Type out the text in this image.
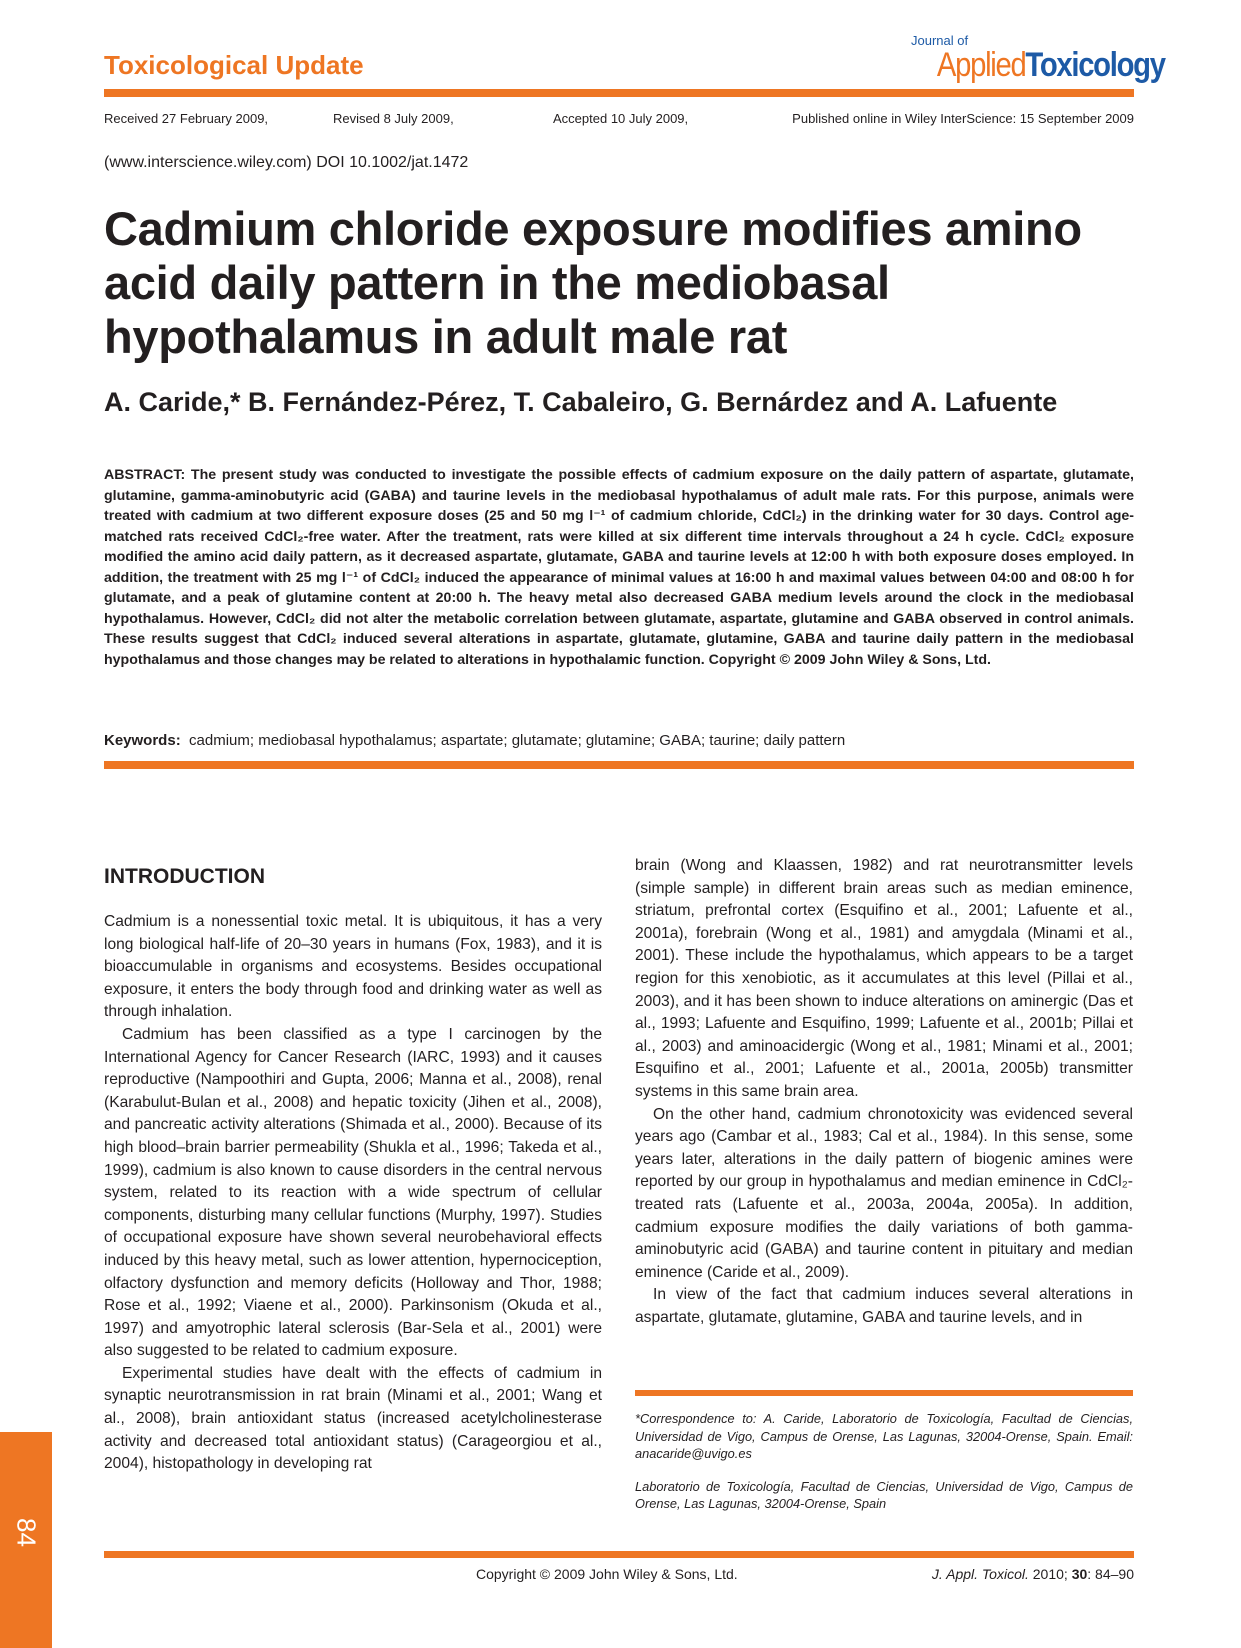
Toxicological Update
Journal of
AppliedToxicology
Received 27 February 2009,	Revised 8 July 2009,	Accepted 10 July 2009,	Published online in Wiley InterScience: 15 September 2009
(www.interscience.wiley.com) DOI 10.1002/jat.1472
Cadmium chloride exposure modifies amino acid daily pattern in the mediobasal hypothalamus in adult male rat
A. Caride,* B. Fernández-Pérez, T. Cabaleiro, G. Bernárdez and A. Lafuente

ABSTRACT: The present study was conducted to investigate the possible effects of cadmium exposure on the daily pattern of aspartate, glutamate, glutamine, gamma-aminobutyric acid (GABA) and taurine levels in the mediobasal hypothalamus of adult male rats. For this purpose, animals were treated with cadmium at two different exposure doses (25 and 50 mg l⁻¹ of cadmium chloride, CdCl₂) in the drinking water for 30 days. Control age-matched rats received CdCl₂-free water. After the treatment, rats were killed at six different time intervals throughout a 24 h cycle. CdCl₂ exposure modified the amino acid daily pattern, as it decreased aspartate, glutamate, GABA and taurine levels at 12:00 h with both exposure doses employed. In addition, the treatment with 25 mg l⁻¹ of CdCl₂ induced the appearance of minimal values at 16:00 h and maximal values between 04:00 and 08:00 h for glutamate, and a peak of glutamine content at 20:00 h. The heavy metal also decreased GABA medium levels around the clock in the mediobasal hypothalamus. However, CdCl₂ did not alter the metabolic correlation between glutamate, aspartate, glutamine and GABA observed in control animals. These results suggest that CdCl₂ induced several alterations in aspartate, glutamate, glutamine, GABA and taurine daily pattern in the mediobasal hypothalamus and those changes may be related to alterations in hypothalamic function. Copyright © 2009 John Wiley & Sons, Ltd.

Keywords: cadmium; mediobasal hypothalamus; aspartate; glutamate; glutamine; GABA; taurine; daily pattern
INTRODUCTION

Cadmium is a nonessential toxic metal. It is ubiquitous, it has a very long biological half-life of 20–30 years in humans (Fox, 1983), and it is bioaccumulable in organisms and ecosystems. Besides occupational exposure, it enters the body through food and drinking water as well as through inhalation.

Cadmium has been classified as a type I carcinogen by the International Agency for Cancer Research (IARC, 1993) and it causes reproductive (Nampoothiri and Gupta, 2006; Manna et al., 2008), renal (Karabulut-Bulan et al., 2008) and hepatic toxicity (Jihen et al., 2008), and pancreatic activity alterations (Shimada et al., 2000). Because of its high blood–brain barrier permeability (Shukla et al., 1996; Takeda et al., 1999), cadmium is also known to cause disorders in the central nervous system, related to its reaction with a wide spectrum of cellular components, disturbing many cellular functions (Murphy, 1997). Studies of occupational exposure have shown several neurobehavioral effects induced by this heavy metal, such as lower attention, hypernociception, olfactory dysfunction and memory deficits (Holloway and Thor, 1988; Rose et al., 1992; Viaene et al., 2000). Parkinsonism (Okuda et al., 1997) and amyotrophic lateral sclerosis (Bar-Sela et al., 2001) were also suggested to be related to cadmium exposure.

Experimental studies have dealt with the effects of cadmium in synaptic neurotransmission in rat brain (Minami et al., 2001; Wang et al., 2008), brain antioxidant status (increased acetylcholinesterase activity and decreased total antioxidant status) (Carageorgiou et al., 2004), histopathology in developing rat

brain (Wong and Klaassen, 1982) and rat neurotransmitter levels (simple sample) in different brain areas such as median eminence, striatum, prefrontal cortex (Esquifino et al., 2001; Lafuente et al., 2001a), forebrain (Wong et al., 1981) and amygdala (Minami et al., 2001). These include the hypothalamus, which appears to be a target region for this xenobiotic, as it accumulates at this level (Pillai et al., 2003), and it has been shown to induce alterations on aminergic (Das et al., 1993; Lafuente and Esquifino, 1999; Lafuente et al., 2001b; Pillai et al., 2003) and aminoacidergic (Wong et al., 1981; Minami et al., 2001; Esquifino et al., 2001; Lafuente et al., 2001a, 2005b) transmitter systems in this same brain area.

On the other hand, cadmium chronotoxicity was evidenced several years ago (Cambar et al., 1983; Cal et al., 1984). In this sense, some years later, alterations in the daily pattern of biogenic amines were reported by our group in hypothalamus and median eminence in CdCl₂-treated rats (Lafuente et al., 2003a, 2004a, 2005a). In addition, cadmium exposure modifies the daily variations of both gamma-aminobutyric acid (GABA) and taurine content in pituitary and median eminence (Caride et al., 2009).

In view of the fact that cadmium induces several alterations in aspartate, glutamate, glutamine, GABA and taurine levels, and in

*Correspondence to: A. Caride, Laboratorio de Toxicología, Facultad de Ciencias, Universidad de Vigo, Campus de Orense, Las Lagunas, 32004-Orense, Spain. Email: anacaride@uvigo.es

Laboratorio de Toxicología, Facultad de Ciencias, Universidad de Vigo, Campus de Orense, Las Lagunas, 32004-Orense, Spain

84
Copyright © 2009 John Wiley & Sons, Ltd.	J. Appl. Toxicol. 2010; 30: 84–90
